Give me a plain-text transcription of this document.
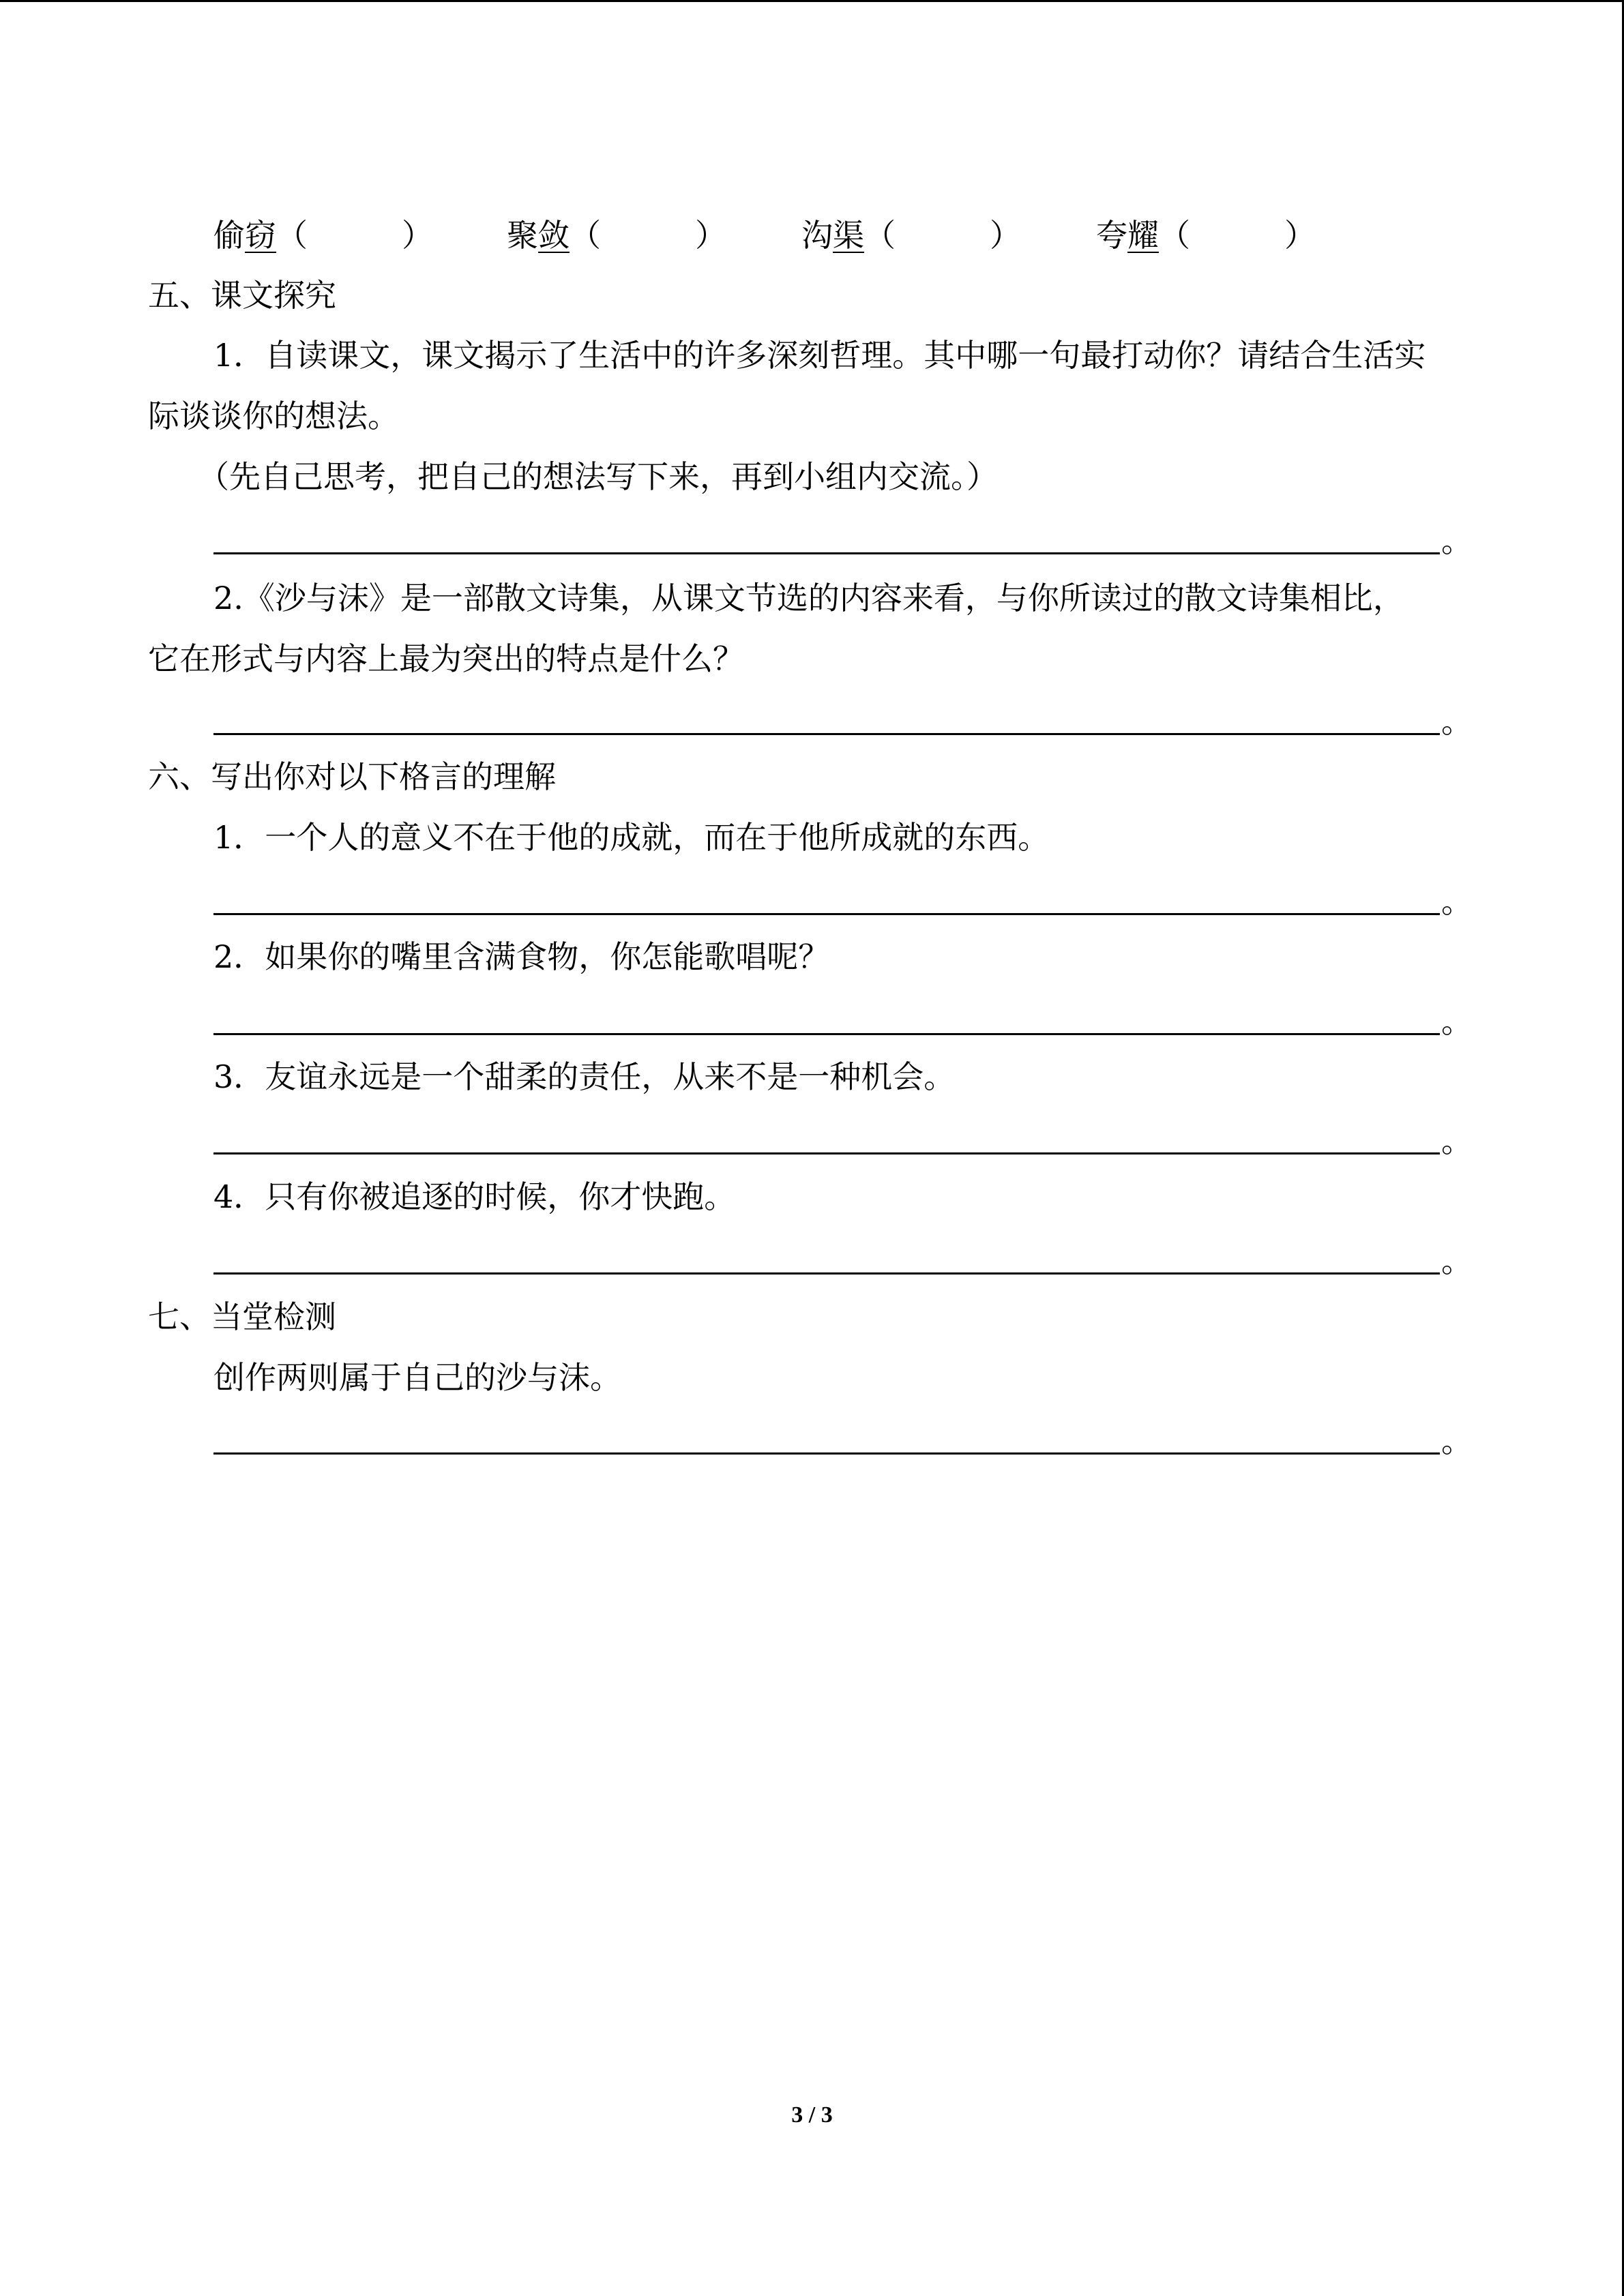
偷窃（　　　） 聚敛（　　　） 沟渠（　　　） 夸耀（　　　）
五、课文探究
1．自读课文，课文揭示了生活中的许多深刻哲理。其中哪一句最打动你？请结合生活实
际谈谈你的想法。
（先自己思考，把自己的想法写下来，再到小组内交流。）
。
2.《沙与沫》是一部散文诗集，从课文节选的内容来看，与你所读过的散文诗集相比，
它在形式与内容上最为突出的特点是什么？
。
六、写出你对以下格言的理解
1．一个人的意义不在于他的成就，而在于他所成就的东西。
。
2．如果你的嘴里含满食物，你怎能歌唱呢？
。
3．友谊永远是一个甜柔的责任，从来不是一种机会。
。
4．只有你被追逐的时候，你才快跑。
。
七、当堂检测
创作两则属于自己的沙与沫。
。
3 / 3
